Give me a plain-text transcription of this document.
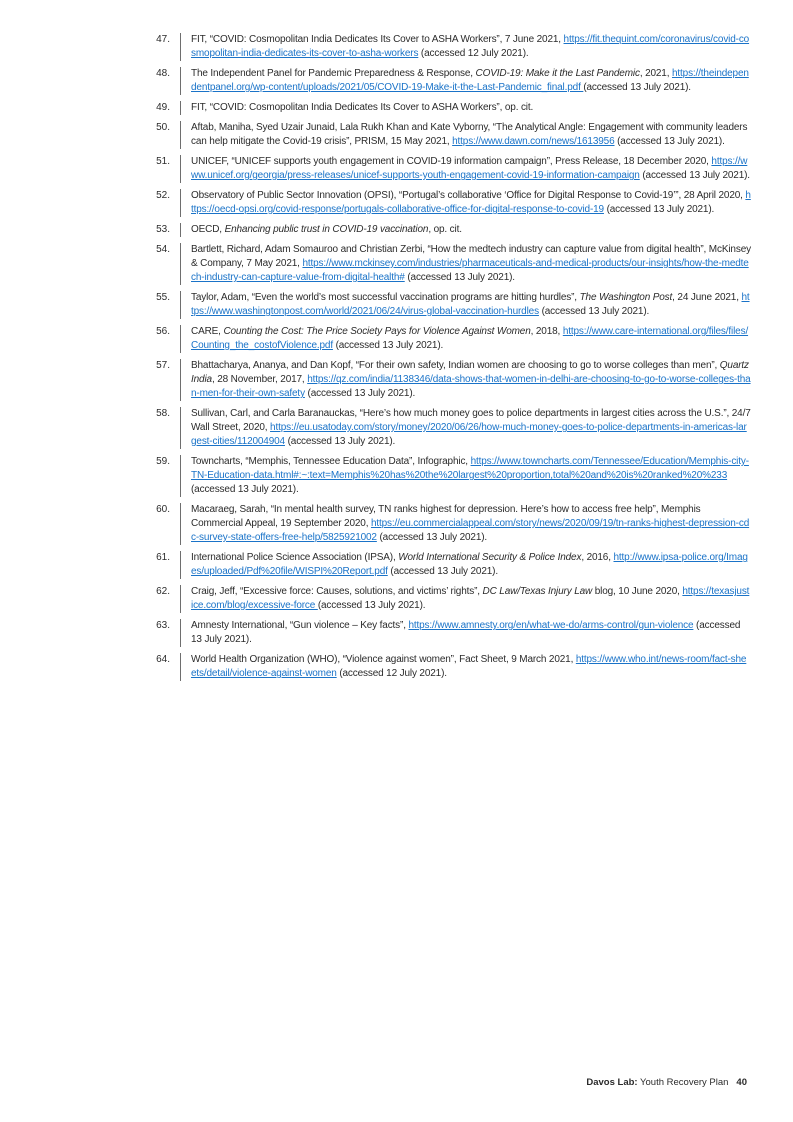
47.	FIT, “COVID: Cosmopolitan India Dedicates Its Cover to ASHA Workers”, 7 June 2021, https://fit.thequint.com/coronavirus/covid-cosmopolitan-india-dedicates-its-cover-to-asha-workers (accessed 12 July 2021).
48.	The Independent Panel for Pandemic Preparedness & Response, COVID-19: Make it the Last Pandemic, 2021, https://theindependentpanel.org/wp-content/uploads/2021/05/COVID-19-Make-it-the-Last-Pandemic_final.pdf (accessed 13 July 2021).
49.	FIT, “COVID: Cosmopolitan India Dedicates Its Cover to ASHA Workers”, op. cit.
50.	Aftab, Maniha, Syed Uzair Junaid, Lala Rukh Khan and Kate Vyborny, “The Analytical Angle: Engagement with community leaders can help mitigate the Covid-19 crisis”, PRISM, 15 May 2021, https://www.dawn.com/news/1613956 (accessed 13 July 2021).
51.	UNICEF, “UNICEF supports youth engagement in COVID-19 information campaign”, Press Release, 18 December 2020, https://www.unicef.org/georgia/press-releases/unicef-supports-youth-engagement-covid-19-information-campaign (accessed 13 July 2021).
52.	Observatory of Public Sector Innovation (OPSI), “Portugal’s collaborative ‘Office for Digital Response to Covid-19’”, 28 April 2020, https://oecd-opsi.org/covid-response/portugals-collaborative-office-for-digital-response-to-covid-19 (accessed 13 July 2021).
53.	OECD, Enhancing public trust in COVID-19 vaccination, op. cit.
54.	Bartlett, Richard, Adam Somauroo and Christian Zerbi, “How the medtech industry can capture value from digital health”, McKinsey & Company, 7 May 2021, https://www.mckinsey.com/industries/pharmaceuticals-and-medical-products/our-insights/how-the-medtech-industry-can-capture-value-from-digital-health# (accessed 13 July 2021).
55.	Taylor, Adam, “Even the world’s most successful vaccination programs are hitting hurdles”, The Washington Post, 24 June 2021, https://www.washingtonpost.com/world/2021/06/24/virus-global-vaccination-hurdles (accessed 13 July 2021).
56.	CARE, Counting the Cost: The Price Society Pays for Violence Against Women, 2018, https://www.care-international.org/files/files/Counting_the_costofViolence.pdf (accessed 13 July 2021).
57.	Bhattacharya, Ananya, and Dan Kopf, “For their own safety, Indian women are choosing to go to worse colleges than men”, Quartz India, 28 November, 2017, https://qz.com/india/1138346/data-shows-that-women-in-delhi-are-choosing-to-go-to-worse-colleges-than-men-for-their-own-safety (accessed 13 July 2021).
58.	Sullivan, Carl, and Carla Baranauckas, “Here’s how much money goes to police departments in largest cities across the U.S.”, 24/7 Wall Street, 2020, https://eu.usatoday.com/story/money/2020/06/26/how-much-money-goes-to-police-departments-in-americas-largest-cities/112004904 (accessed 13 July 2021).
59.	Towncharts, “Memphis, Tennessee Education Data”, Infographic, https://www.towncharts.com/Tennessee/Education/Memphis-city-TN-Education-data.html#:~:text=Memphis%20has%20the%20largest%20proportion,total%20and%20is%20ranked%20%233 (accessed 13 July 2021).
60.	Macaraeg, Sarah, “In mental health survey, TN ranks highest for depression. Here’s how to access free help”, Memphis Commercial Appeal, 19 September 2020, https://eu.commercialappeal.com/story/news/2020/09/19/tn-ranks-highest-depression-cdc-survey-state-offers-free-help/5825921002 (accessed 13 July 2021).
61.	International Police Science Association (IPSA), World International Security & Police Index, 2016, http://www.ipsa-police.org/Images/uploaded/Pdf%20file/WISPI%20Report.pdf (accessed 13 July 2021).
62.	Craig, Jeff, “Excessive force: Causes, solutions, and victims’ rights”, DC Law/Texas Injury Law blog, 10 June 2020, https://texasjustice.com/blog/excessive-force (accessed 13 July 2021).
63.	Amnesty International, “Gun violence – Key facts”, https://www.amnesty.org/en/what-we-do/arms-control/gun-violence (accessed 13 July 2021).
64.	World Health Organization (WHO), “Violence against women”, Fact Sheet, 9 March 2021, https://www.who.int/news-room/fact-sheets/detail/violence-against-women (accessed 12 July 2021).
Davos Lab: Youth Recovery Plan 40
